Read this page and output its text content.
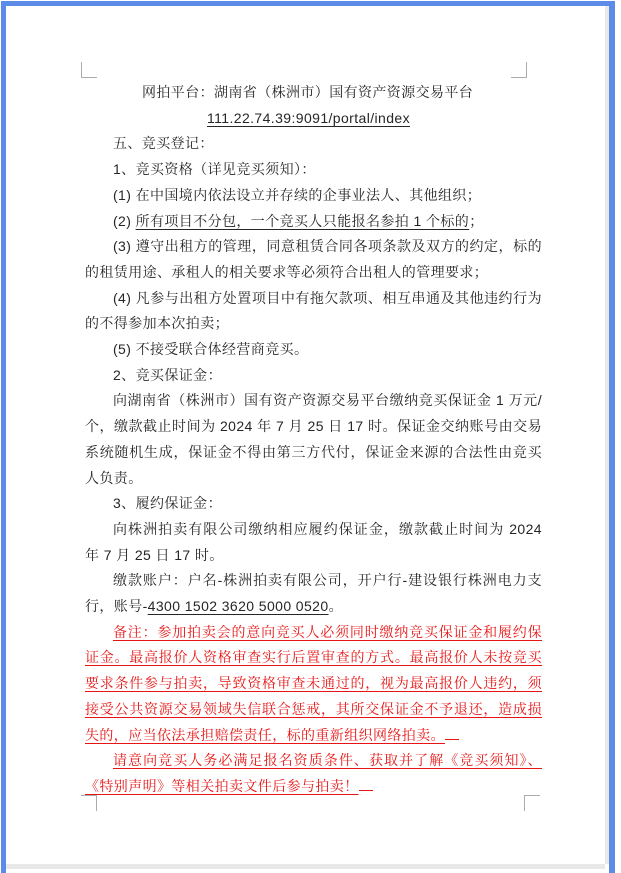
网拍平台：湖南省（株洲市）国有资产资源交易平台

111.22.74.39:9091/portal/index

五、竞买登记：

1、竞买资格（详见竞买须知）：

(1) 在中国境内依法设立并存续的企事业法人、其他组织；

(2) 所有项目不分包，一个竞买人只能报名参拍 1 个标的；

(3) 遵守出租方的管理，同意租赁合同各项条款及双方的约定，标的的租赁用途、承租人的相关要求等必须符合出租人的管理要求；

(4) 凡参与出租方处置项目中有拖欠款项、相互串通及其他违约行为的不得参加本次拍卖；

(5) 不接受联合体经营商竞买。

2、竞买保证金：

向湖南省（株洲市）国有资产资源交易平台缴纳竞买保证金 1 万元/个，缴款截止时间为 2024 年 7 月 25 日 17 时。保证金交纳账号由交易系统随机生成，保证金不得由第三方代付，保证金来源的合法性由竞买人负责。

3、履约保证金：

向株洲拍卖有限公司缴纳相应履约保证金，缴款截止时间为 2024 年 7 月 25 日 17 时。

缴款账户：户名-株洲拍卖有限公司，开户行-建设银行株洲电力支行，账号-4300 1502 3620 5000 0520。

备注：参加拍卖会的意向竞买人必须同时缴纳竞买保证金和履约保证金。最高报价人资格审查实行后置审查的方式。最高报价人未按竞买要求条件参与拍卖，导致资格审查未通过的，视为最高报价人违约，须接受公共资源交易领域失信联合惩戒，其所交保证金不予退还，造成损失的，应当依法承担赔偿责任，标的重新组织网络拍卖。

请意向竞买人务必满足报名资质条件、获取并了解《竞买须知》、《特别声明》等相关拍卖文件后参与拍卖！
